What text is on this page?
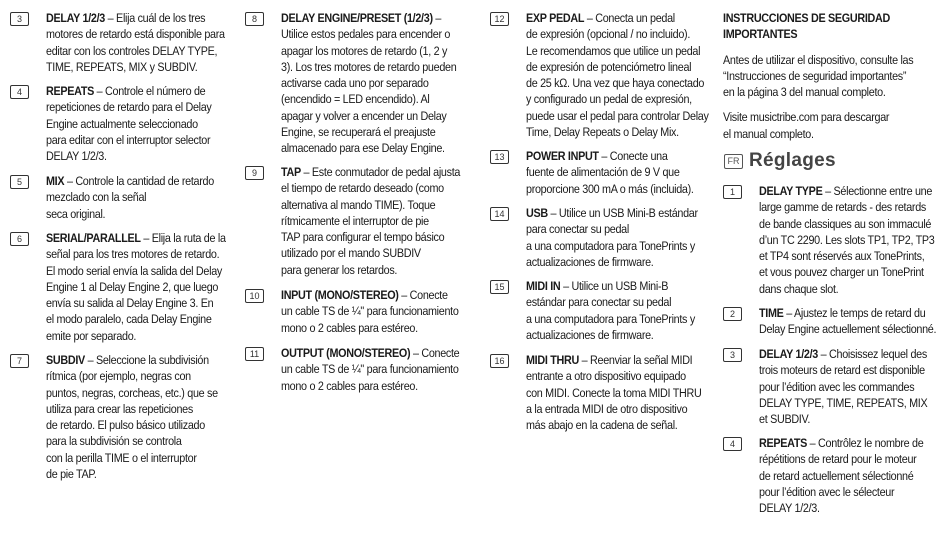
3	DELAY 1/2/3 – Elija cuál de los tres
motores de retardo está disponible para
editar con los controles DELAY TYPE,
TIME, REPEATS, MIX y SUBDIV.
4	REPEATS – Controle el número de
repeticiones de retardo para el Delay
Engine actualmente seleccionado
para editar con el interruptor selector
DELAY 1/2/3.
5	MIX – Controle la cantidad de retardo
mezclado con la señal
seca original.
6	SERIAL/PARALLEL – Elija la ruta de la
señal para los tres motores de retardo.
El modo serial envía la salida del Delay
Engine 1 al Delay Engine 2, que luego
envía su salida al Delay Engine 3. En
el modo paralelo, cada Delay Engine
emite por separado.
7	SUBDIV – Seleccione la subdivisión
rítmica (por ejemplo, negras con
puntos, negras, corcheas, etc.) que se
utiliza para crear las repeticiones
de retardo. El pulso básico utilizado
para la subdivisión se controla
con la perilla TIME o el interruptor
de pie TAP.
8	DELAY ENGINE/PRESET (1/2/3) –
Utilice estos pedales para encender o
apagar los motores de retardo (1, 2 y
3). Los tres motores de retardo pueden
activarse cada uno por separado
(encendido = LED encendido). Al
apagar y volver a encender un Delay
Engine, se recuperará el preajuste
almacenado para ese Delay Engine.
9	TAP – Este conmutador de pedal ajusta
el tiempo de retardo deseado (como
alternativa al mando TIME). Toque
rítmicamente el interruptor de pie
TAP para configurar el tempo básico
utilizado por el mando SUBDIV
para generar los retardos.
10	INPUT (MONO/STEREO) – Conecte
un cable TS de ¼" para funcionamiento
mono o 2 cables para estéreo.
11	OUTPUT (MONO/STEREO) – Conecte
un cable TS de ¼" para funcionamiento
mono o 2 cables para estéreo.
12	EXP PEDAL – Conecta un pedal
de expresión (opcional / no incluido).
Le recomendamos que utilice un pedal
de expresión de potenciómetro lineal
de 25 kΩ. Una vez que haya conectado
y configurado un pedal de expresión,
puede usar el pedal para controlar Delay
Time, Delay Repeats o Delay Mix.
13	POWER INPUT – Conecte una
fuente de alimentación de 9 V que
proporcione 300 mA o más (incluida).
14	USB – Utilice un USB Mini-B estándar
para conectar su pedal
a una computadora para TonePrints y
actualizaciones de firmware.
15	MIDI IN – Utilice un USB Mini-B
estándar para conectar su pedal
a una computadora para TonePrints y
actualizaciones de firmware.
16	MIDI THRU – Reenviar la señal MIDI
entrante a otro dispositivo equipado
con MIDI. Conecte la toma MIDI THRU
a la entrada MIDI de otro dispositivo
más abajo en la cadena de señal.
INSTRUCCIONES DE SEGURIDAD
IMPORTANTES
Antes de utilizar el dispositivo, consulte las
“Instrucciones de seguridad importantes”
en la página 3 del manual completo.
Visite musictribe.com para descargar
el manual completo.
FR Réglages
1	DELAY TYPE – Sélectionne entre une
large gamme de retards - des retards
de bande classiques au son immaculé
d’un TC 2290. Les slots TP1, TP2, TP3
et TP4 sont réservés aux TonePrints,
et vous pouvez charger un TonePrint
dans chaque slot.
2	TIME – Ajustez le temps de retard du
Delay Engine actuellement sélectionné.
3	DELAY 1/2/3 – Choisissez lequel des
trois moteurs de retard est disponible
pour l’édition avec les commandes
DELAY TYPE, TIME, REPEATS, MIX
et SUBDIV.
4	REPEATS – Contrôlez le nombre de
répétitions de retard pour le moteur
de retard actuellement sélectionné
pour l’édition avec le sélecteur
DELAY 1/2/3.
